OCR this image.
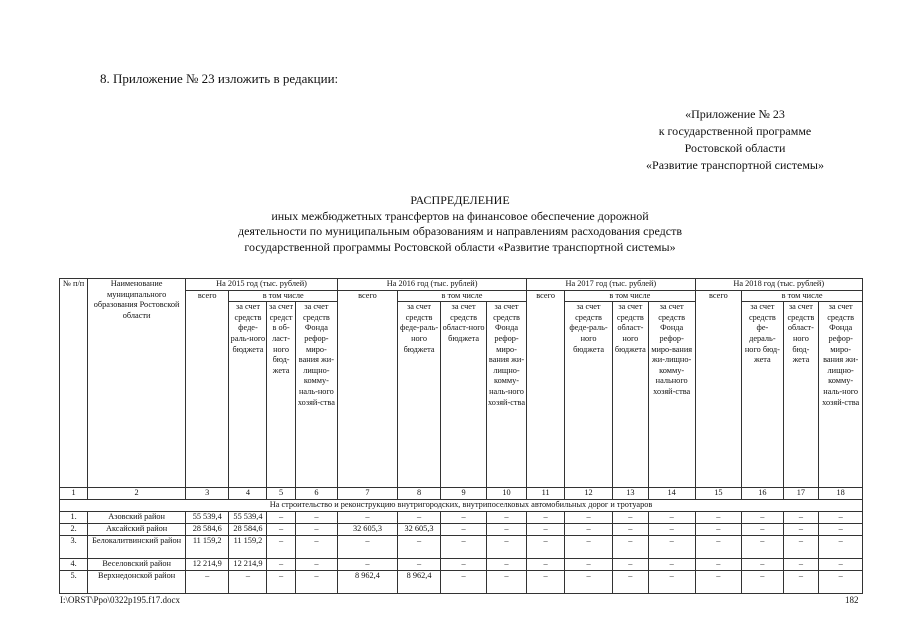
8. Приложение № 23 изложить в редакции:
«Приложение № 23
к государственной программе
Ростовской области
«Развитие транспортной системы»
РАСПРЕДЕЛЕНИЕ
иных межбюджетных трансфертов на финансовое обеспечение дорожной
деятельности по муниципальным образованиям и направлениям расходования средств
государственной программы Ростовской области «Развитие транспортной системы»
№ п/п	Наименование муниципального образования Ростовской области	На 2015 год (тыс. рублей)				На 2016 год (тыс. рублей)				На 2017 год (тыс. рублей)				На 2018 год (тыс. рублей)			
		всего	в том числе			всего	в том числе			всего	в том числе			всего	в том числе		
			за счет средств феде-раль-ного бюджета	за счет средств об-ласт-ного бюд-жета	за счет средств Фонда рефор-миро-вания жи-лищно-комму-наль-ного хозяй-ства		за счет средств феде-раль-ного бюджета	за счет средств област-ного бюджета	за счет средств Фонда рефор-миро-вания жи-лищно-комму-наль-ного хозяй-ства		за счет средств феде-раль-ного бюджета	за счет средств област-ного бюджета	за счет средств Фонда рефор-миро-вания жи-лищно-комму-нального хозяй-ства		за счет средств фе-дераль-ного бюд-жета	за счет средств област-ного бюд-жета	за счет средств Фонда рефор-миро-вания жи-лищно-комму-наль-ного хозяй-ства
1	2	3	4	5	6	7	8	9	10	11	12	13	14	15	16	17	18
На строительство и реконструкцию внутригородских, внутрипоселковых автомобильных дорог и тротуаров																	
1.	Азовский район	55 539,4	55 539,4	–	–	–	–	–	–	–	–	–	–	–	–	–	–
2.	Аксайский район	28 584,6	28 584,6	–	–	32 605,3	32 605,3	–	–	–	–	–	–	–	–	–	–
3.	Белокалитвинский район	11 159,2	11 159,2	–	–	–	–	–	–	–	–	–	–	–	–	–	–
4.	Веселовский район	12 214,9	12 214,9	–	–	–	–	–	–	–	–	–	–	–	–	–	–
5.	Верхнедонской район	–	–	–	–	8 962,4	8 962,4	–	–	–	–	–	–	–	–	–	–
I:\ORST\Ppo\0322p195.f17.docx	182
